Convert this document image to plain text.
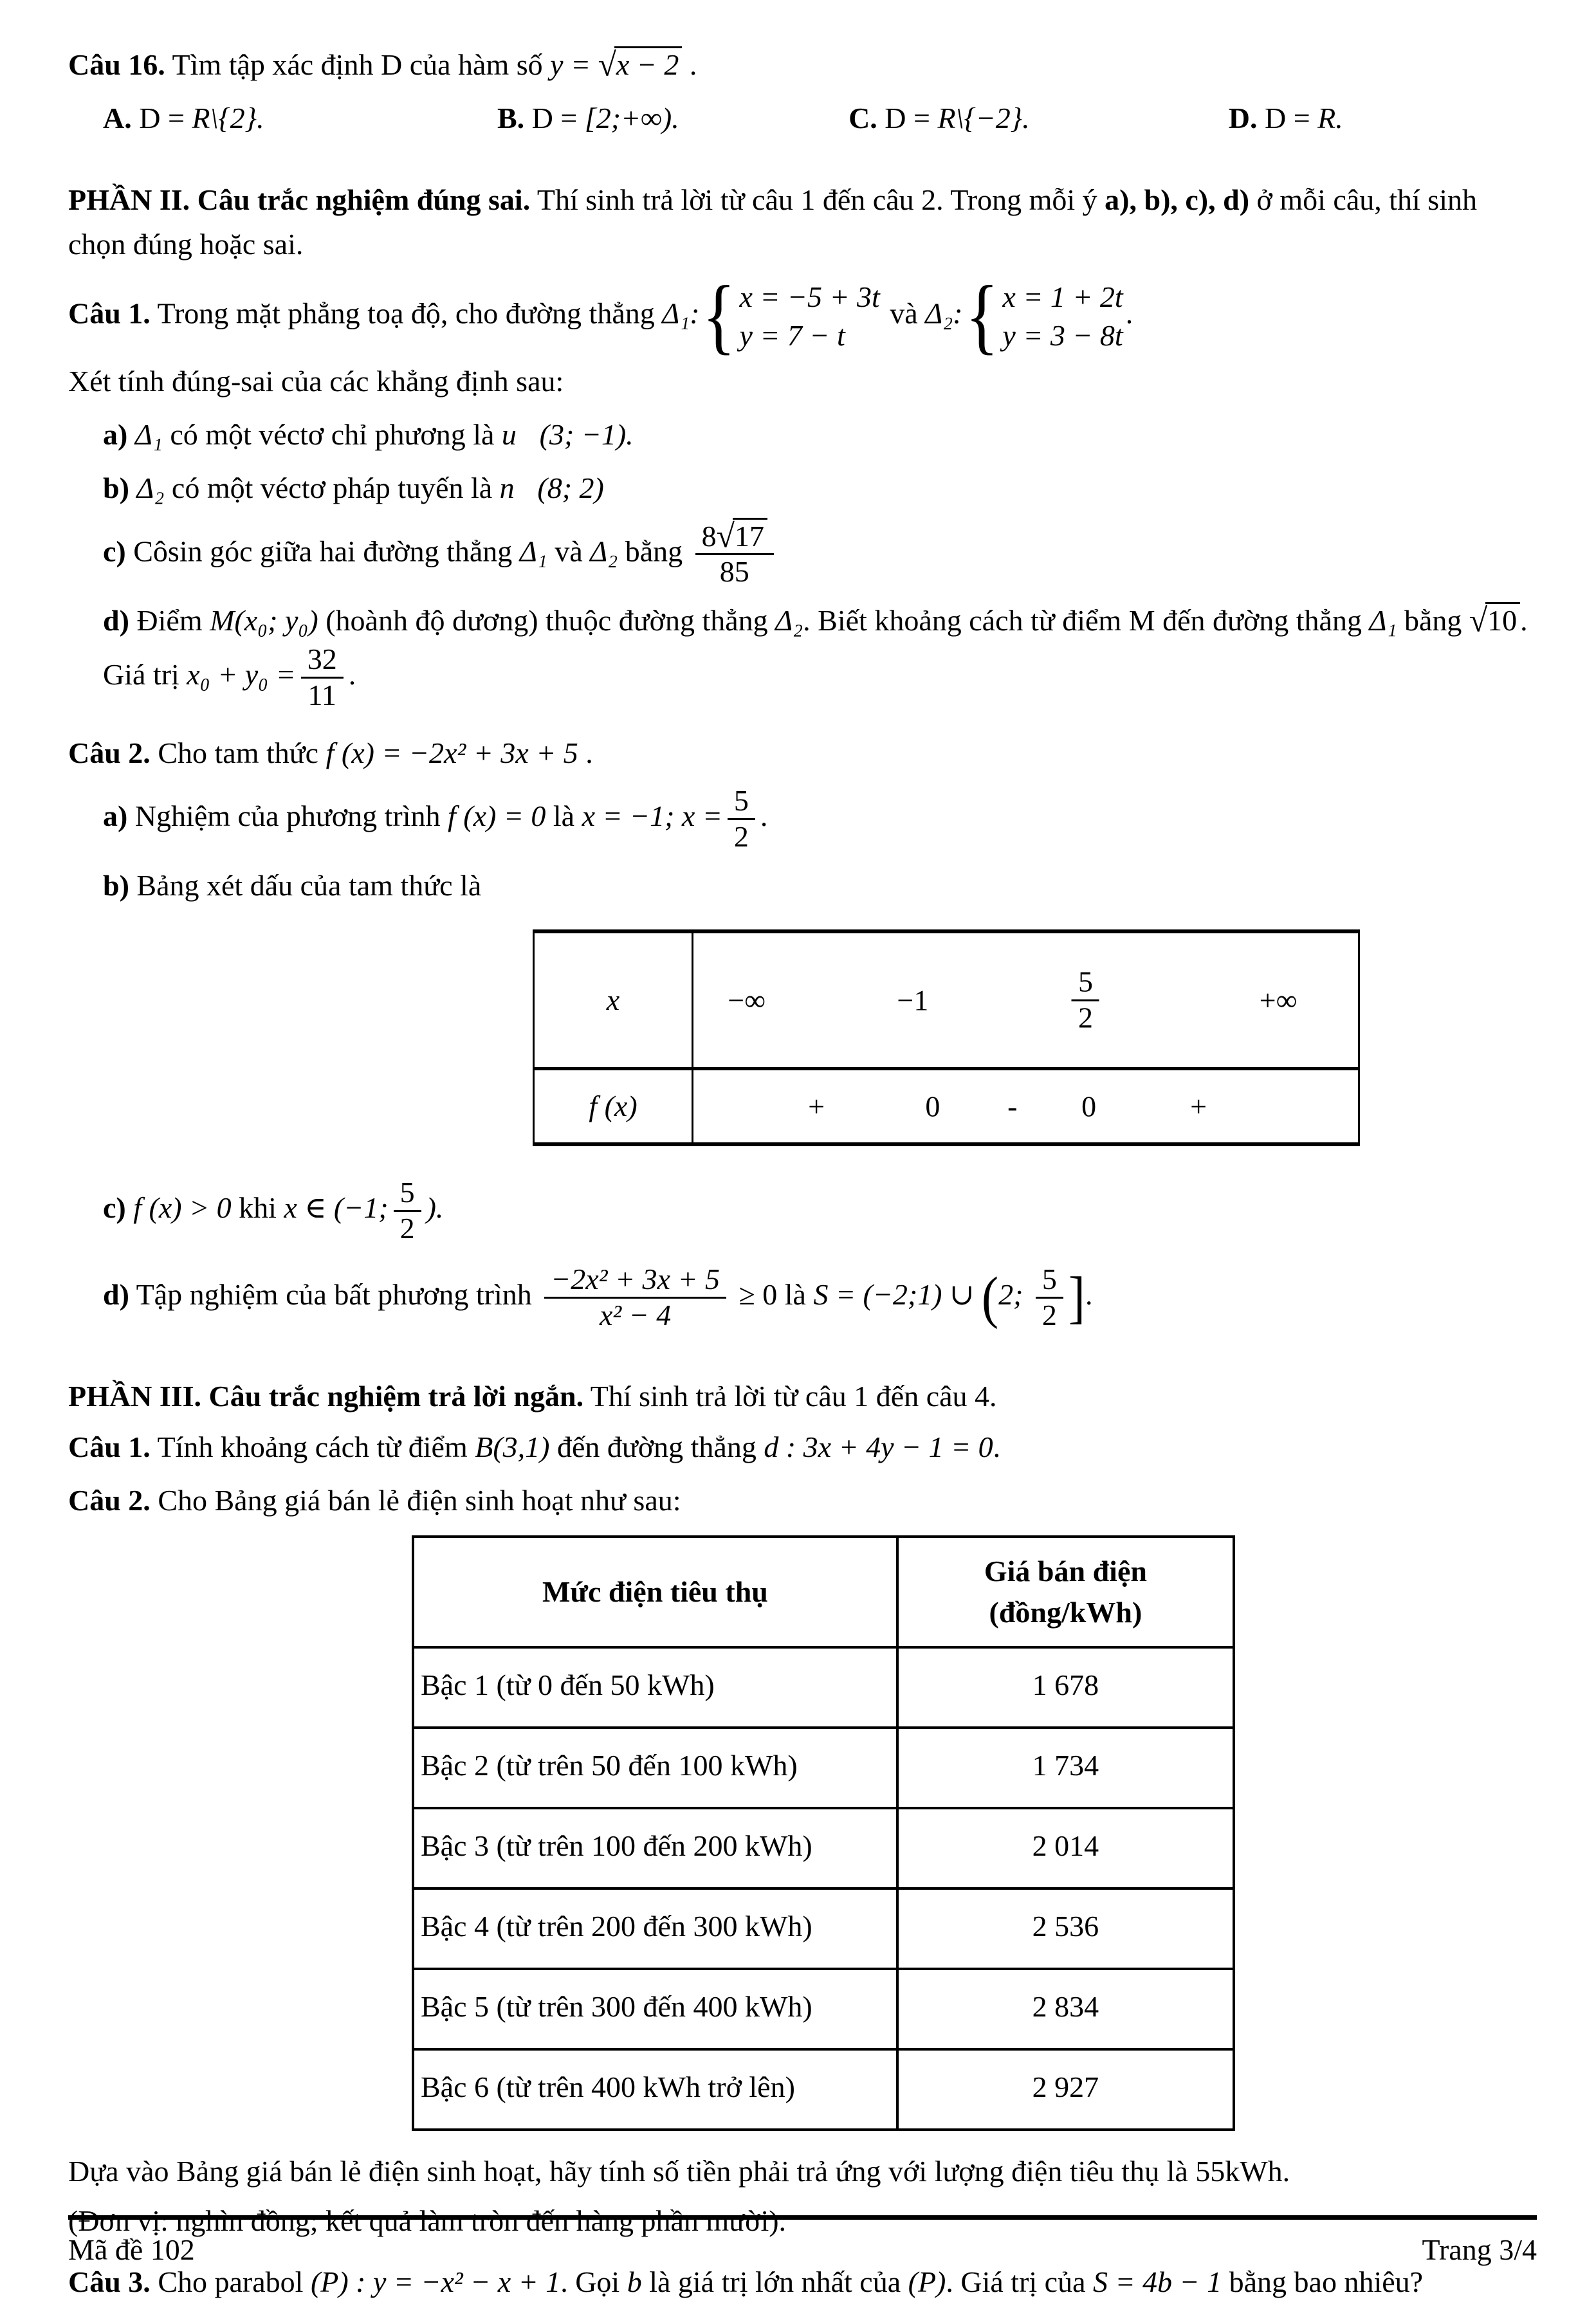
Câu 16. Tìm tập xác định D của hàm số y = √x − 2 .

A. D = R\{2}.	B. D = [2;+∞).	C. D = R\{−2}.	D. D = R.

PHẦN II. Câu trắc nghiệm đúng sai. Thí sinh trả lời từ câu 1 đến câu 2. Trong mỗi ý a), b), c), d) ở mỗi câu, thí sinh chọn đúng hoặc sai.

Câu 1. Trong mặt phẳng toạ độ, cho đường thẳng Δ₁: { x = −5 + 3t
y = 7 − t
và Δ₂: { x = 1 + 2t
y = 3 − 8t
.

Xét tính đúng-sai của các khẳng định sau:

a) Δ₁ có một véctơ chỉ phương là u⃗(3; −1).

b) Δ₂ có một véctơ pháp tuyến là n⃗(8; 2)

c) Côsin góc giữa hai đường thẳng Δ₁ và Δ₂ bằng $\frac{8√17}{85}$

d) Điểm M(x₀; y₀) (hoành độ dương) thuộc đường thẳng Δ₂. Biết khoảng cách từ điểm M đến đường thẳng Δ₁ bằng √10 . Giá trị $x_0 + y_0 = \frac{32}{11}$ .

Câu 2. Cho tam thức f (x) = −2x² + 3x + 5 .

a) Nghiệm của phương trình f (x) = 0 là x = −1; $x = \frac{5}{2}$ .

b) Bảng xét dấu của tam thức là

x	−∞	−1	$\frac{5}{2}$	+∞
f (x)	+	0 - 0	+

c) f (x) > 0 khi x ∈ (−1; $\frac{5}{2}$ ).

d) Tập nghiệm của bất phương trình $\frac{\text{−2x² + 3x + 5}}{\text{x² − 4}} \ge 0$ là S = (−2;1) ∪ (2; $\frac{5}{2}$ ].

PHẦN III. Câu trắc nghiệm trả lời ngắn. Thí sinh trả lời từ câu 1 đến câu 4.

Câu 1. Tính khoảng cách từ điểm B(3,1) đến đường thẳng d : 3x + 4y − 1 = 0.

Câu 2. Cho Bảng giá bán lẻ điện sinh hoạt như sau:

Mức điện tiêu thụ	Giá bán điện
(đồng/kWh)

Bậc 1 (từ 0 đến 50 kWh)	1 678
Bậc 2 (từ trên 50 đến 100 kWh)	1 734
Bậc 3 (từ trên 100 đến 200 kWh)	2 014
Bậc 4 (từ trên 200 đến 300 kWh)	2 536
Bậc 5 (từ trên 300 đến 400 kWh)	2 834
Bậc 6 (từ trên 400 kWh trở lên)	2 927

Dựa vào Bảng giá bán lẻ điện sinh hoạt, hãy tính số tiền phải trả ứng với lượng điện tiêu thụ là 55kWh.

(Đơn vị: nghìn đồng; kết quả làm tròn đến hàng phần mười).

Câu 3. Cho parabol (P) : y = −x² − x + 1. Gọi b là giá trị lớn nhất của (P). Giá trị của S = 4b − 1 bằng bao nhiêu?

Mã đề 102	Trang 3/4
